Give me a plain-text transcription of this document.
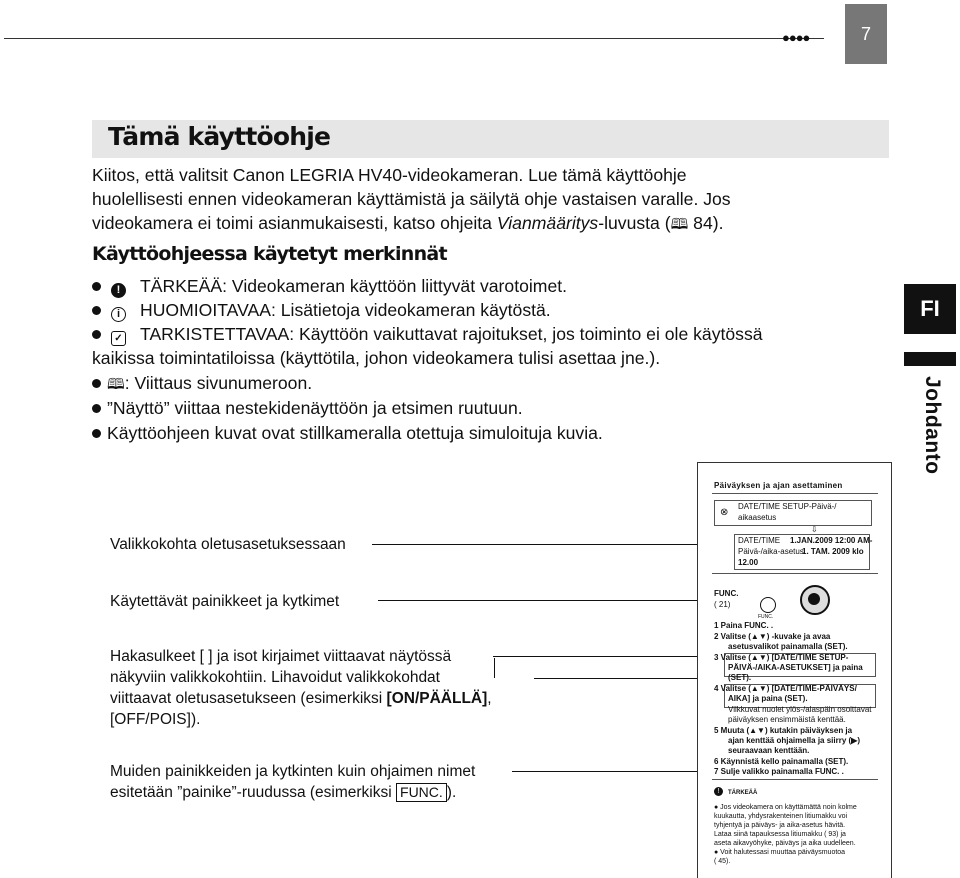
●●●●	7
Tämä käyttöohje
Kiitos, että valitsit Canon LEGRIA HV40-videokameran. Lue tämä käyttöohje
huolellisesti ennen videokameran käyttämistä ja säilytä ohje vastaisen varalle. Jos
videokamera ei toimi asianmukaisesti, katso ohjeita Vianmääritys-luvusta (🕮 84).
Käyttöohjeessa käytetyt merkinnät
! TÄRKEÄÄ: Videokameran käyttöön liittyvät varotoimet.
i HUOMIOITAVAA: Lisätietoja videokameran käytöstä.
✓ TARKISTETTAVAA: Käyttöön vaikuttavat rajoitukset, jos toiminto ei ole käytössä
kaikissa toimintatiloissa (käyttötila, johon videokamera tulisi asettaa jne.).
🕮: Viittaus sivunumeroon.
”Näyttö” viittaa nestekidenäyttöön ja etsimen ruutuun.
Käyttöohjeen kuvat ovat stillkameralla otettuja simuloituja kuvia.
FI
Johdanto
Valikkokohta oletusasetuksessaan
Käytettävät painikkeet ja kytkimet
Hakasulkeet [ ] ja isot kirjaimet viittaavat näytössä
näkyviin valikkokohtiin. Lihavoidut valikkokohdat
viittaavat oletusasetukseen (esimerkiksi [ON/PÄÄLLÄ],
[OFF/POIS]).
Muiden painikkeiden ja kytkinten kuin ohjaimen nimet
esitetään ”painike”-ruudussa (esimerkiksi FUNC. ).
Päiväyksen ja ajan asettaminen
⊗
DATE/TIME SETUP-Päivä-/
aikaasetus
⇩
DATE/TIME 1.JAN.2009 12:00 AM-
Päivä-/aika-asetus
1. TAM. 2009 klo
12.00
FUNC.
( 21)
FUNC.
1 Paina FUNC. .
2 Valitse (▲▼) -kuvake ja avaa
asetusvalikot painamalla (SET).
3 Valitse (▲▼) [DATE/TIME SETUP-
PÄIVÄ-/AIKA-ASETUKSET] ja paina
(SET).
4 Valitse (▲▼) [DATE/TIME-PÄIVÄYS/
AIKA] ja paina (SET).
Vilkkuvat nuolet ylös-/alaspäin osoittavat
päiväyksen ensimmäistä kenttää.
5 Muuta (▲▼) kutakin päiväyksen ja
ajan kenttää ohjaimella ja siirry (▶)
seuraavaan kenttään.
6 Käynnistä kello painamalla (SET).
7 Sulje valikko painamalla FUNC. .
!	TÄRKEÄÄ
● Jos videokamera on käyttämättä noin kolme
kuukautta, yhdysrakenteinen litiumakku voi
tyhjentyä ja päiväys- ja aika-asetus hävitä.
Lataa siinä tapauksessa litiumakku ( 93) ja
aseta aikavyöhyke, päiväys ja aika uudelleen.
● Voit halutessasi muuttaa päiväysmuotoa
( 45).
